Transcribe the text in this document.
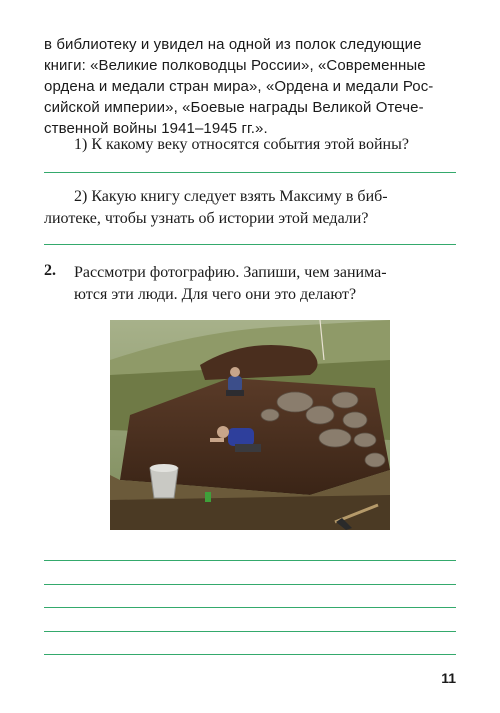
в библиотеку и увидел на одной из полок следующие
книги: «Великие полководцы России», «Современные
ордена и медали стран мира», «Ордена и медали Рос-
сийской империи», «Боевые награды Великой Отече-
ственной войны 1941–1945 гг.».
1) К какому веку относятся события этой войны?
2) Какую книгу следует взять Максиму в биб-
лиотеке, чтобы узнать об истории этой медали?
2. Рассмотри фотографию. Запиши, чем занима-
ются эти люди. Для чего они это делают?
11
